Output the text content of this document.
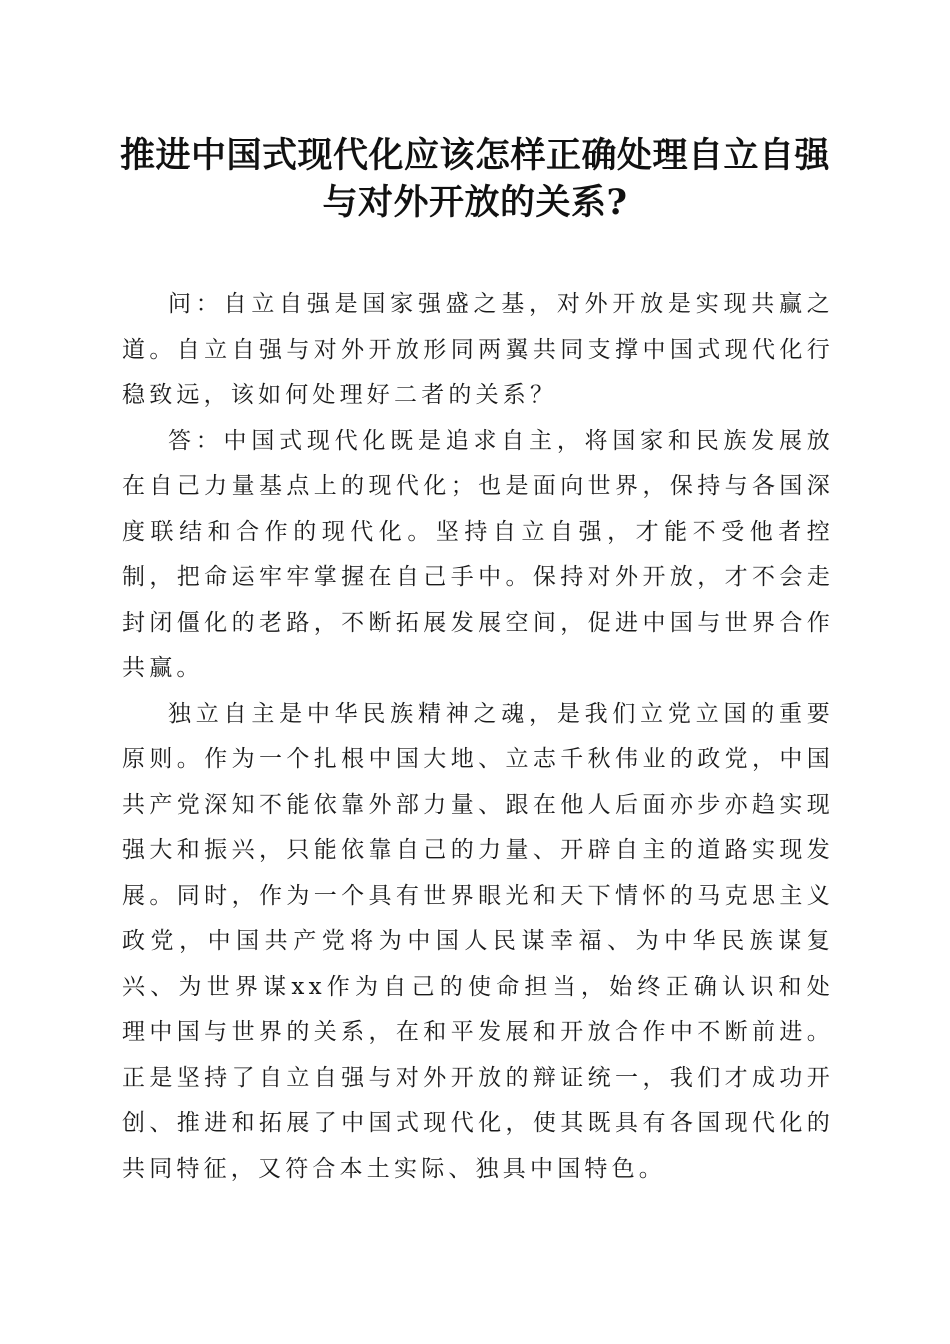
推进中国式现代化应该怎样正确处理自立自强
与对外开放的关系?

问：自立自强是国家强盛之基，对外开放是实现共赢之道。自立自强与对外开放形同两翼共同支撑中国式现代化行稳致远，该如何处理好二者的关系？

答：中国式现代化既是追求自主，将国家和民族发展放在自己力量基点上的现代化；也是面向世界，保持与各国深度联结和合作的现代化。坚持自立自强，才能不受他者控制，把命运牢牢掌握在自己手中。保持对外开放，才不会走封闭僵化的老路，不断拓展发展空间，促进中国与世界合作共赢。

独立自主是中华民族精神之魂，是我们立党立国的重要原则。作为一个扎根中国大地、立志千秋伟业的政党，中国共产党深知不能依靠外部力量、跟在他人后面亦步亦趋实现强大和振兴，只能依靠自己的力量、开辟自主的道路实现发展。同时，作为一个具有世界眼光和天下情怀的马克思主义政党，中国共产党将为中国人民谋幸福、为中华民族谋复兴、为世界谋xx作为自己的使命担当，始终正确认识和处理中国与世界的关系，在和平发展和开放合作中不断前进。正是坚持了自立自强与对外开放的辩证统一，我们才成功开创、推进和拓展了中国式现代化，使其既具有各国现代化的共同特征，又符合本土实际、独具中国特色。
